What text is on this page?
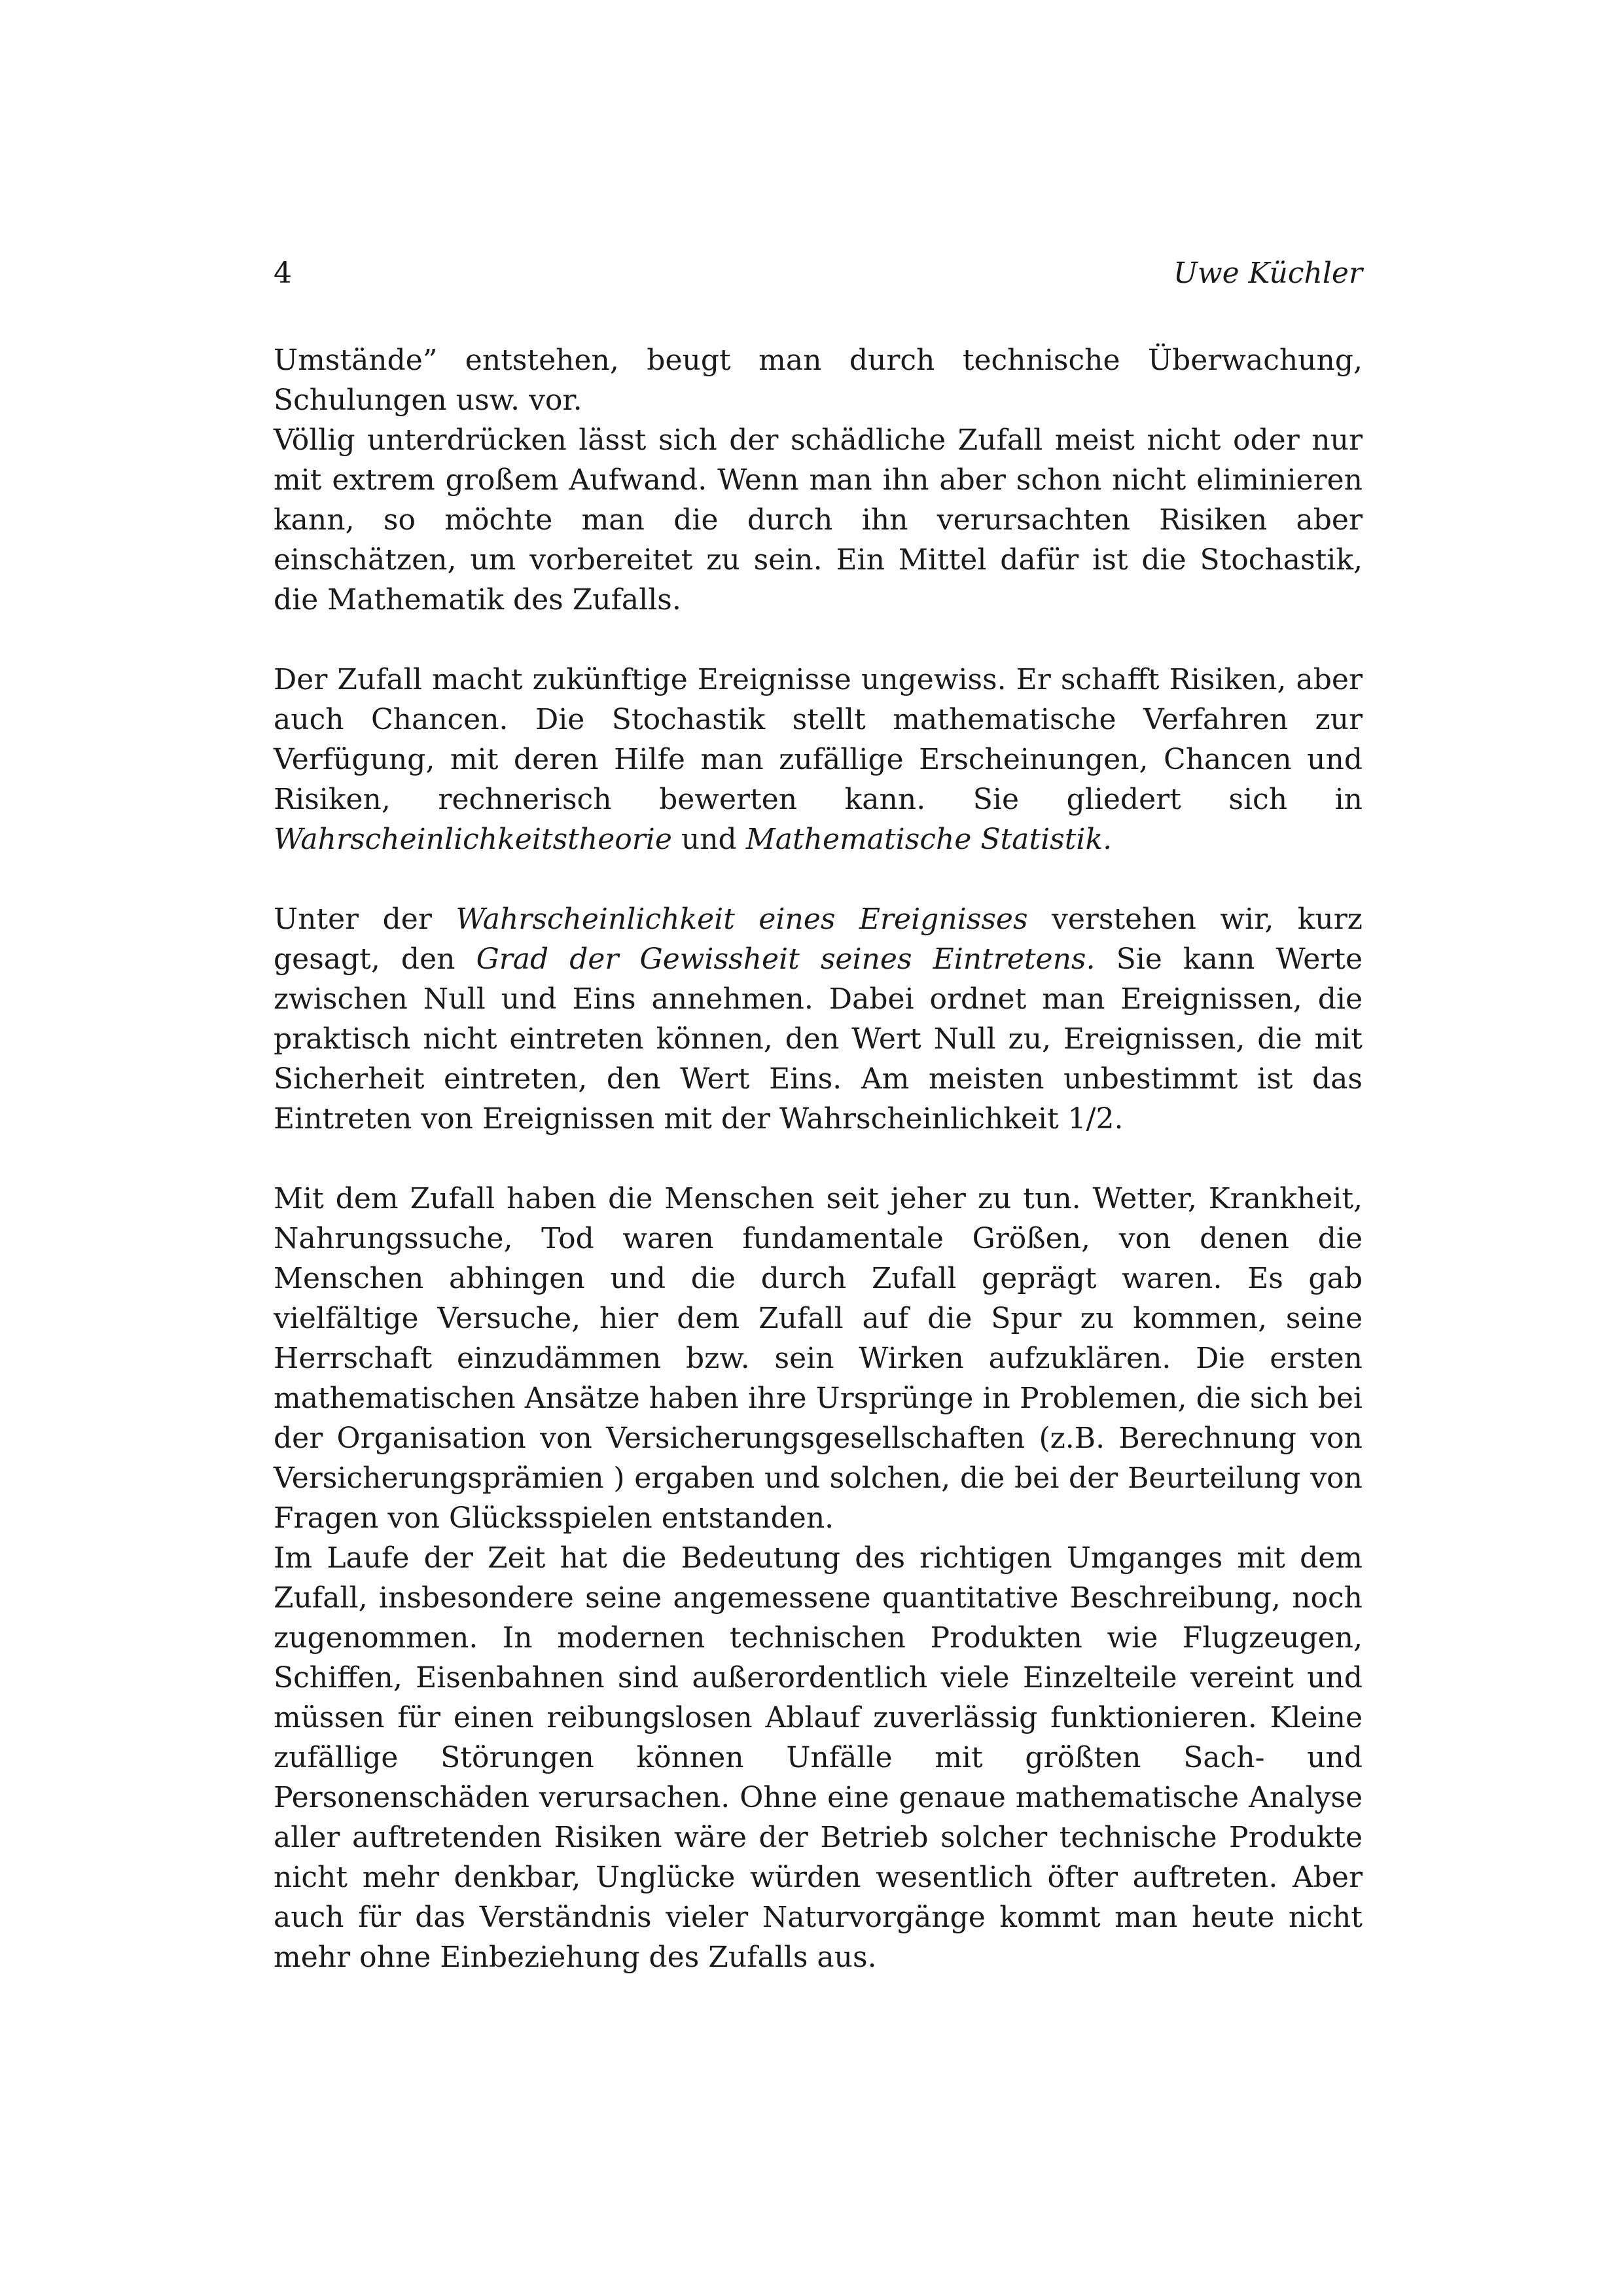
4	Uwe Küchler

Umstände” entstehen, beugt man durch technische Überwachung, Schulungen usw. vor.

Völlig unterdrücken lässt sich der schädliche Zufall meist nicht oder nur mit extrem großem Aufwand. Wenn man ihn aber schon nicht eliminieren kann, so möchte man die durch ihn verursachten Risiken aber einschätzen, um vorbereitet zu sein. Ein Mittel dafür ist die Stochastik, die Mathematik des Zufalls.

Der Zufall macht zukünftige Ereignisse ungewiss. Er schafft Risiken, aber auch Chancen. Die Stochastik stellt mathematische Verfahren zur Verfügung, mit deren Hilfe man zufällige Erscheinungen, Chancen und Risiken, rechnerisch bewerten kann. Sie gliedert sich in Wahrscheinlichkeitstheorie und Mathematische Statistik.

Unter der Wahrscheinlichkeit eines Ereignisses verstehen wir, kurz gesagt, den Grad der Gewissheit seines Eintretens. Sie kann Werte zwischen Null und Eins annehmen. Dabei ordnet man Ereignissen, die praktisch nicht eintreten können, den Wert Null zu, Ereignissen, die mit Sicherheit eintreten, den Wert Eins. Am meisten unbestimmt ist das Eintreten von Ereignissen mit der Wahrscheinlichkeit 1/2.

Mit dem Zufall haben die Menschen seit jeher zu tun. Wetter, Krankheit, Nahrungssuche, Tod waren fundamentale Größen, von denen die Menschen abhingen und die durch Zufall geprägt waren. Es gab vielfältige Versuche, hier dem Zufall auf die Spur zu kommen, seine Herrschaft einzudämmen bzw. sein Wirken aufzuklären. Die ersten mathematischen Ansätze haben ihre Ursprünge in Problemen, die sich bei der Organisation von Versicherungsgesellschaften (z.B. Berechnung von Versicherungsprämien ) ergaben und solchen, die bei der Beurteilung von Fragen von Glücksspielen entstanden.

Im Laufe der Zeit hat die Bedeutung des richtigen Umganges mit dem Zufall, insbesondere seine angemessene quantitative Beschreibung, noch zugenommen. In modernen technischen Produkten wie Flugzeugen, Schiffen, Eisenbahnen sind außerordentlich viele Einzelteile vereint und müssen für einen reibungslosen Ablauf zuverlässig funktionieren. Kleine zufällige Störungen können Unfälle mit größten Sach- und Personenschäden verursachen. Ohne eine genaue mathematische Analyse aller auftretenden Risiken wäre der Betrieb solcher technische Produkte nicht mehr denkbar, Unglücke würden wesentlich öfter auftreten. Aber auch für das Verständnis vieler Naturvorgänge kommt man heute nicht mehr ohne Einbeziehung des Zufalls aus.
